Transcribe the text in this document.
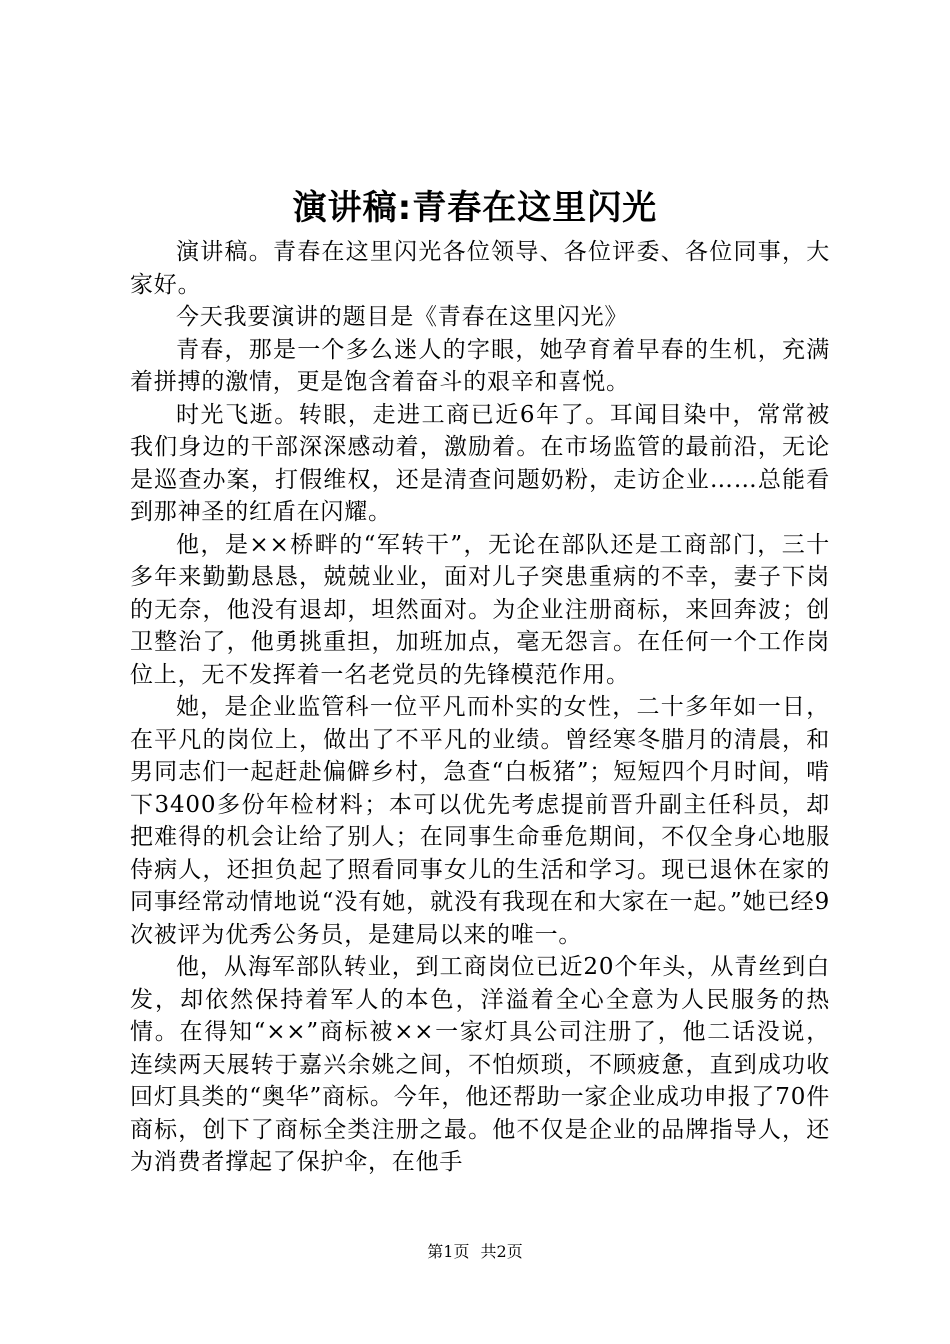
演讲稿:青春在这里闪光

演讲稿。青春在这里闪光各位领导、各位评委、各位同事，大家好。

今天我要演讲的题目是《青春在这里闪光》

青春，那是一个多么迷人的字眼，她孕育着早春的生机，充满着拼搏的激情，更是饱含着奋斗的艰辛和喜悦。

时光飞逝。转眼，走进工商已近6年了。耳闻目染中，常常被我们身边的干部深深感动着，激励着。在市场监管的最前沿，无论是巡查办案，打假维权，还是清查问题奶粉，走访企业……总能看到那神圣的红盾在闪耀。

他，是××桥畔的“军转干”，无论在部队还是工商部门，三十多年来勤勤恳恳，兢兢业业，面对儿子突患重病的不幸，妻子下岗的无奈，他没有退却，坦然面对。为企业注册商标，来回奔波；创卫整治了，他勇挑重担，加班加点，毫无怨言。在任何一个工作岗位上，无不发挥着一名老党员的先锋模范作用。

她，是企业监管科一位平凡而朴实的女性，二十多年如一日，在平凡的岗位上，做出了不平凡的业绩。曾经寒冬腊月的清晨，和男同志们一起赶赴偏僻乡村，急查“白板猪”；短短四个月时间，啃下3400多份年检材料；本可以优先考虑提前晋升副主任科员，却把难得的机会让给了别人；在同事生命垂危期间，不仅全身心地服侍病人，还担负起了照看同事女儿的生活和学习。现已退休在家的同事经常动情地说“没有她，就没有我现在和大家在一起。”她已经9次被评为优秀公务员，是建局以来的唯一。

他，从海军部队转业，到工商岗位已近20个年头，从青丝到白发，却依然保持着军人的本色，洋溢着全心全意为人民服务的热情。在得知“××”商标被××一家灯具公司注册了，他二话没说，连续两天展转于嘉兴余姚之间，不怕烦琐，不顾疲惫，直到成功收回灯具类的“奥华”商标。今年，他还帮助一家企业成功申报了70件商标，创下了商标全类注册之最。他不仅是企业的品牌指导人，还为消费者撑起了保护伞，在他手

第1页 共2页
